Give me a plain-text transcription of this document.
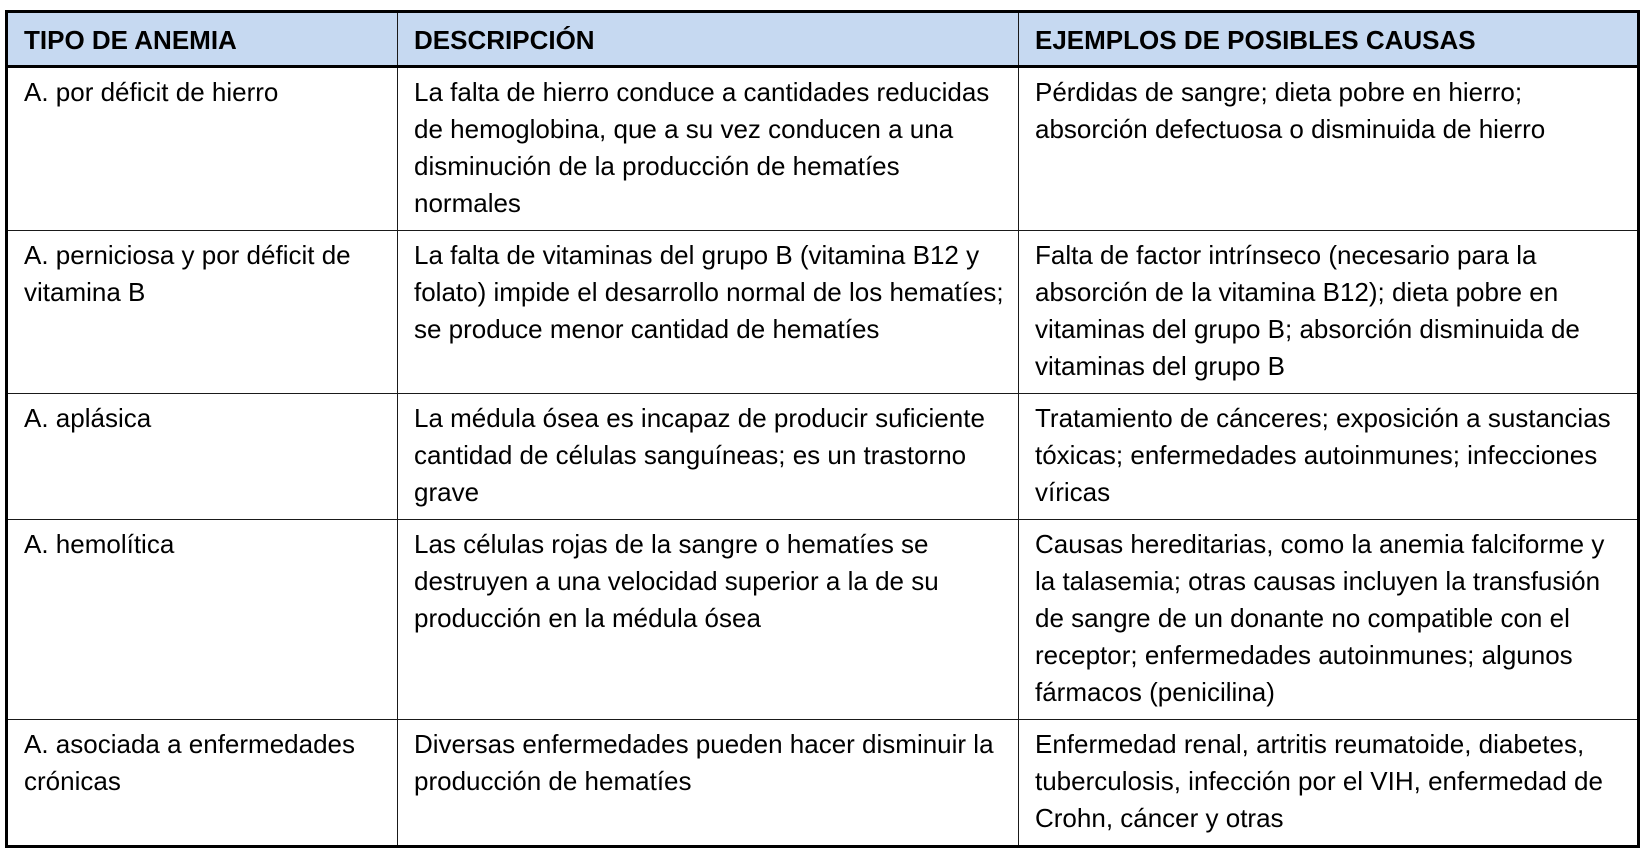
TIPO DE ANEMIA	DESCRIPCIÓN	EJEMPLOS DE POSIBLES CAUSAS
A. por déficit de hierro	La falta de hierro conduce a cantidades reducidas de hemoglobina, que a su vez conducen a una disminución de la producción de hematíes normales	Pérdidas de sangre; dieta pobre en hierro; absorción defectuosa o disminuida de hierro
A. perniciosa y por déficit de vitamina B	La falta de vitaminas del grupo B (vitamina B12 y folato) impide el desarrollo normal de los hematíes; se produce menor cantidad de hematíes	Falta de factor intrínseco (necesario para la absorción de la vitamina B12); dieta pobre en vitaminas del grupo B; absorción disminuida de vitaminas del grupo B
A. aplásica	La médula ósea es incapaz de producir suficiente cantidad de células sanguíneas; es un trastorno grave	Tratamiento de cánceres; exposición a sustancias tóxicas; enfermedades autoinmunes; infecciones víricas
A. hemolítica	Las células rojas de la sangre o hematíes se destruyen a una velocidad superior a la de su producción en la médula ósea	Causas hereditarias, como la anemia falciforme y la talasemia; otras causas incluyen la transfusión de sangre de un donante no compatible con el receptor; enfermedades autoinmunes; algunos fármacos (penicilina)
A. asociada a enfermedades crónicas	Diversas enfermedades pueden hacer disminuir la producción de hematíes	Enfermedad renal, artritis reumatoide, diabetes, tuberculosis, infección por el VIH, enfermedad de Crohn, cáncer y otras
